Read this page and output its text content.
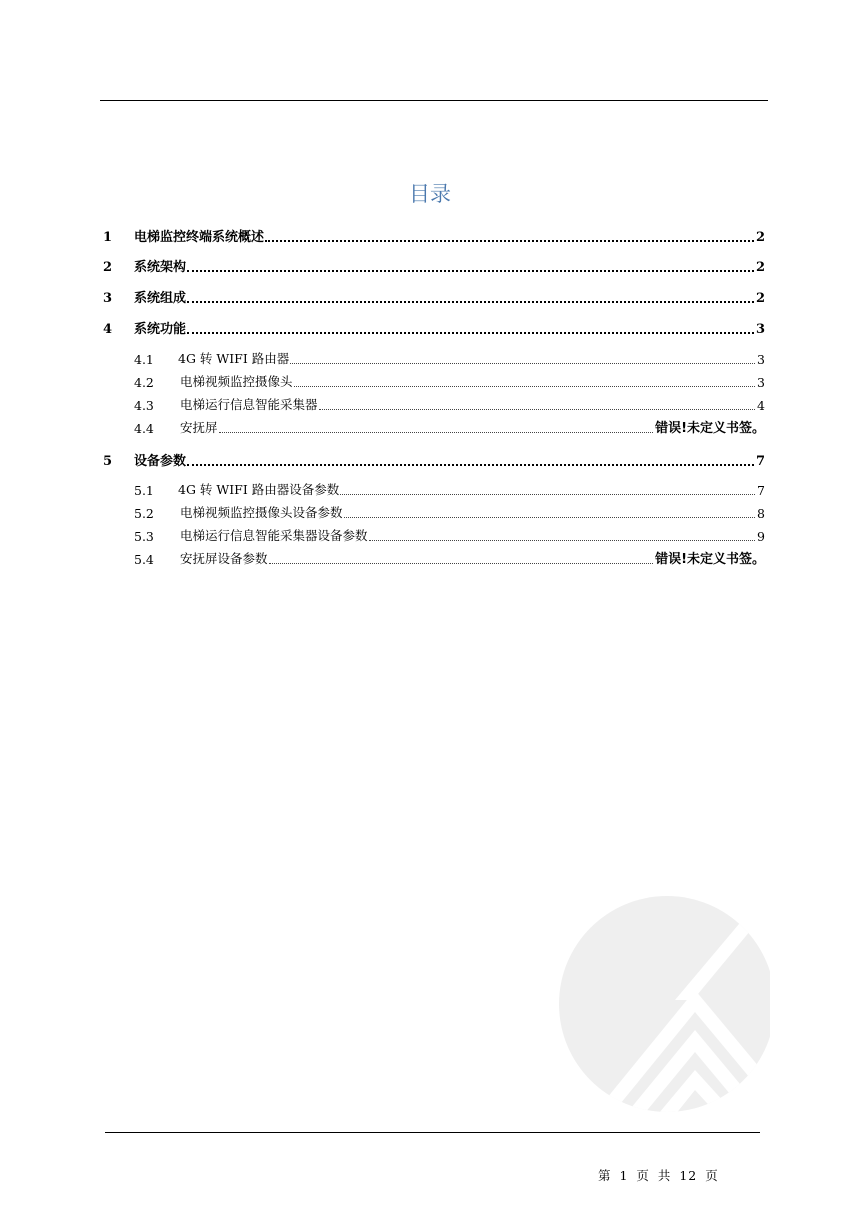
目录
1 电梯监控终端系统概述	2
2 系统架构	2
3 系统组成	2
4 系统功能	3
4.1 4G 转 WIFI 路由器	3
4.2 电梯视频监控摄像头	3
4.3 电梯运行信息智能采集器	4
4.4 安抚屏	错误!未定义书签。
5 设备参数	7
5.1 4G 转 WIFI 路由器设备参数	7
5.2 电梯视频监控摄像头设备参数	8
5.3 电梯运行信息智能采集器设备参数	9
5.4 安抚屏设备参数	错误!未定义书签。
第 1 页 共 12 页
